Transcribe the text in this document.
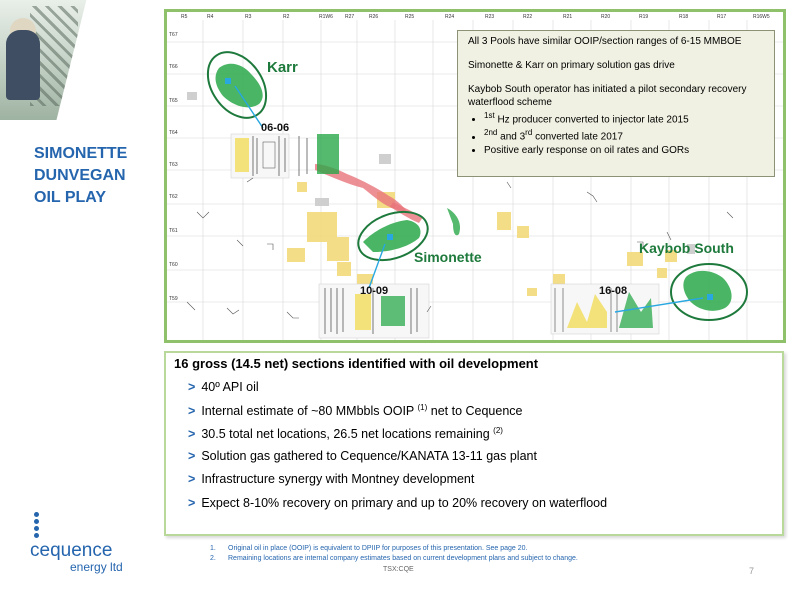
SIMONETTE
DUNVEGAN
OIL PLAY
R5	R4	R3	R2	R1W6 R27	R26	R25	R24	R23	R22	R21	R20	R19	R18	R17	R16W5
T67
T66
T65
T64
T63
T62
T61
T60
T59
Karr
Simonette
Kaybob South
06-06
10-09	16-08

All 3 Pools have similar OOIP/section ranges of 6-15 MMBOE

Simonette & Karr on primary solution gas drive

Kaybob South operator has initiated a pilot secondary recovery waterflood scheme
• $^{1st}$ Hz producer converted to injector late 2015
• $^{2nd}$ and 3rd converted late 2017
• Positive early response on oil rates and GORs
16 gross (14.5 net) sections identified with oil development
> 40º API oil
> Internal estimate of ~80 MMbbls OOIP $^{(1)}$ net to Cequence
> 30.5 total net locations, 26.5 net locations remaining $^{(2)}$
> Solution gas gathered to Cequence/KANATA 13-11 gas plant
> Infrastructure synergy with Montney development
> Expect 8-10% recovery on primary and up to 20% recovery on waterflood
cequence
energy ltd
1. Original oil in place (OOIP) is equivalent to DPIIP for purposes of this presentation. See page 20.
2. Remaining locations are internal company estimates based on current development plans and subject to change.
TSX:CQE	7
